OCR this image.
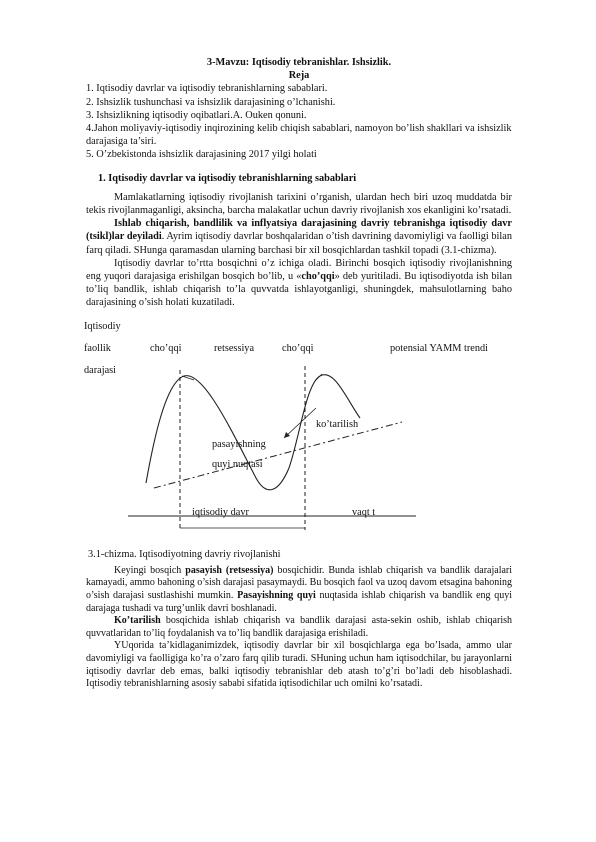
3-Mavzu: Iqtisodiy tebranishlar. Ishsizlik.
Reja
1. Iqtisodiy davrlar va iqtisodiy tebranishlarning sabablari.
2. Ishsizlik tushunchasi va ishsizlik darajasining o’lchanishi.
3. Ishsizlikning iqtisodiy oqibatlari.A. Ouken qonuni.
4.Jahon moliyaviy-iqtisodiy inqirozining kelib chiqish sabablari, namoyon bo’lish shakllari va ishsizlik darajasiga ta’siri.
5. O’zbekistonda ishsizlik darajasining 2017 yilgi holati
1. Iqtisodiy davrlar va iqtisodiy tebranishlarning sabablari

Mamlakatlarning iqtisodiy rivojlanish tarixini o’rganish, ulardan hech biri uzoq muddatda bir tekis rivojlanmaganligi, aksincha, barcha malakatlar uchun davriy rivojlanish xos ekanligini ko’rsatadi.

Ishlab chiqarish, bandlilik va inflyatsiya darajasining davriy tebranishga iqtisodiy davr (tsikl)lar deyiladi. Ayrim iqtisodiy davrlar boshqalaridan o’tish davrining davomiyligi va faolligi bilan farq qiladi. SHunga qaramasdan ularning barchasi bir xil bosqichlardan tashkil topadi (3.1-chizma).

Iqtisodiy davrlar to’rtta bosqichni o’z ichiga oladi. Birinchi bosqich iqtisodiy rivojlanishning eng yuqori darajasiga erishilgan bosqich bo’lib, u «cho’qqi» deb yuritiladi. Bu iqtisodiyotda ish bilan to’liq bandlik, ishlab chiqarish to’la quvvatda ishlayotganligi, shuningdek, mahsulotlarning baho darajasining o’sish holati kuzatiladi.

Iqtisodiy
faollik
darajasi
cho’qqi	retsessiya	cho’qqi	potensial YAMM trendi
ko’tarilish
pasayishning
quyi nuqtasi
iqtisodiy davr	vaqt t
3.1-chizma. Iqtisodiyotning davriy rivojlanishi

Keyingi bosqich pasayish (retsessiya) bosqichidir. Bunda ishlab chiqarish va bandlik darajalari kamayadi, ammo bahoning o’sish darajasi pasaymaydi. Bu bosqich faol va uzoq davom etsagina bahoning o’sish darajasi sustlashishi mumkin. Pasayishning quyi nuqtasida ishlab chiqarish va bandlik eng quyi darajaga tushadi va turg’unlik davri boshlanadi.

Ko’tarilish bosqichida ishlab chiqarish va bandlik darajasi asta-sekin oshib, ishlab chiqarish quvvatlaridan to’liq foydalanish va to’liq bandlik darajasiga erishiladi.

YUqorida ta’kidlaganimizdek, iqtisodiy davrlar bir xil bosqichlarga ega bo’lsada, ammo ular davomiyligi va faolligiga ko’ra o’zaro farq qilib turadi. SHuning uchun ham iqtisodchilar, bu jarayonlarni iqtisodiy davrlar deb emas, balki iqtisodiy tebranishlar deb atash to’g’ri bo’ladi deb hisoblashadi. Iqtisodiy tebranishlarning asosiy sababi sifatida iqtisodichilar uch omilni ko’rsatadi.
